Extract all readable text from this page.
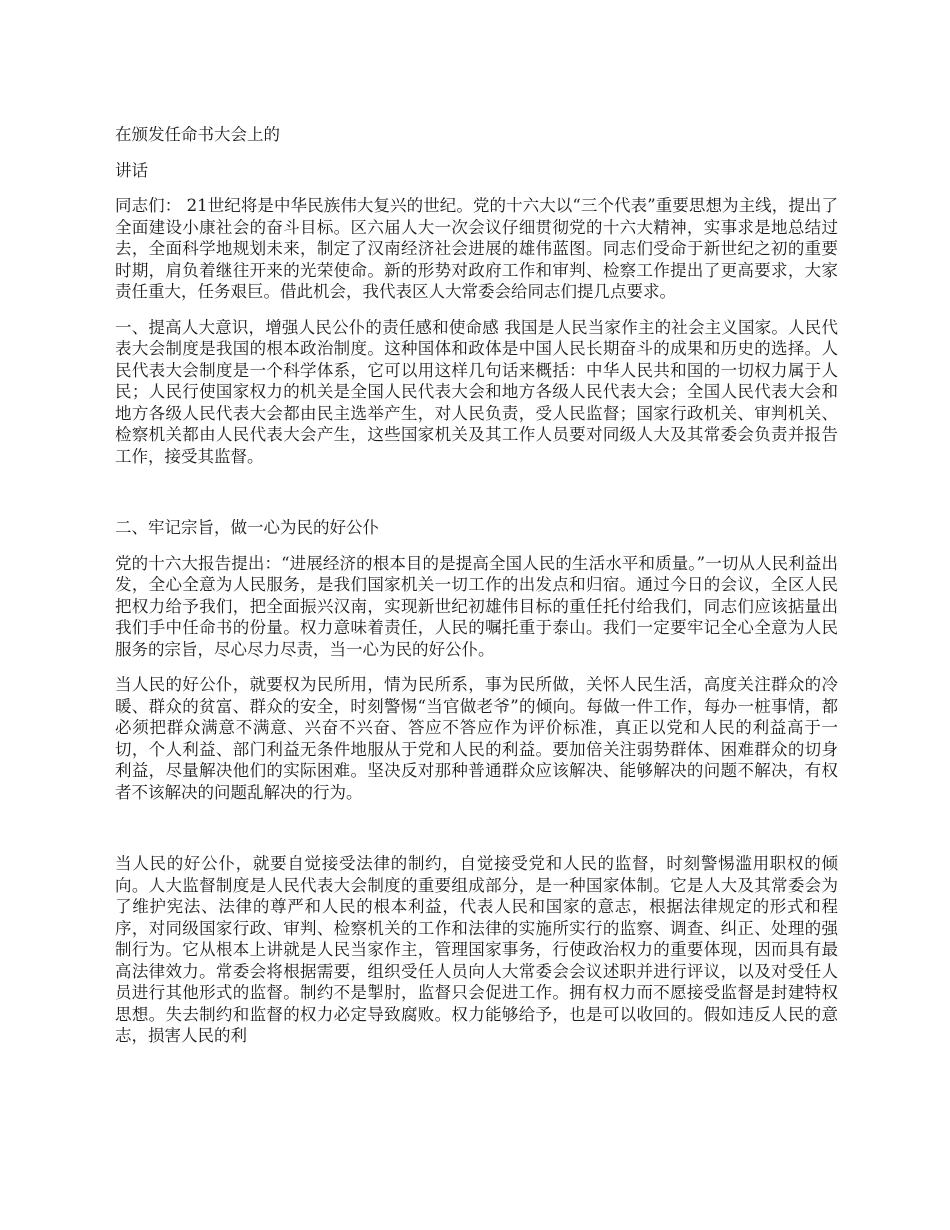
在颁发任命书大会上的
讲话

同志们： 21世纪将是中华民族伟大复兴的世纪。党的十六大以“三个代表”重要思想为主线，提出了全面建设小康社会的奋斗目标。区六届人大一次会议仔细贯彻党的十六大精神，实事求是地总结过去，全面科学地规划未来，制定了汉南经济社会进展的雄伟蓝图。同志们受命于新世纪之初的重要时期，肩负着继往开来的光荣使命。新的形势对政府工作和审判、检察工作提出了更高要求，大家责任重大，任务艰巨。借此机会，我代表区人大常委会给同志们提几点要求。

一、提高人大意识，增强人民公仆的责任感和使命感 我国是人民当家作主的社会主义国家。人民代表大会制度是我国的根本政治制度。这种国体和政体是中国人民长期奋斗的成果和历史的选择。人民代表大会制度是一个科学体系，它可以用这样几句话来概括：中华人民共和国的一切权力属于人民；人民行使国家权力的机关是全国人民代表大会和地方各级人民代表大会；全国人民代表大会和地方各级人民代表大会都由民主选举产生，对人民负责，受人民监督；国家行政机关、审判机关、检察机关都由人民代表大会产生，这些国家机关及其工作人员要对同级人大及其常委会负责并报告工作，接受其监督。

二、牢记宗旨，做一心为民的好公仆

党的十六大报告提出：“进展经济的根本目的是提高全国人民的生活水平和质量。”一切从人民利益出发，全心全意为人民服务，是我们国家机关一切工作的出发点和归宿。通过今日的会议，全区人民把权力给予我们，把全面振兴汉南，实现新世纪初雄伟目标的重任托付给我们，同志们应该掂量出我们手中任命书的份量。权力意味着责任，人民的嘱托重于泰山。我们一定要牢记全心全意为人民服务的宗旨，尽心尽力尽责，当一心为民的好公仆。

当人民的好公仆，就要权为民所用，情为民所系，事为民所做，关怀人民生活，高度关注群众的冷暖、群众的贫富、群众的安全，时刻警惕“当官做老爷”的倾向。每做一件工作，每办一桩事情，都必须把群众满意不满意、兴奋不兴奋、答应不答应作为评价标准，真正以党和人民的利益高于一切，个人利益、部门利益无条件地服从于党和人民的利益。要加倍关注弱势群体、困难群众的切身利益，尽量解决他们的实际困难。坚决反对那种普通群众应该解决、能够解决的问题不解决，有权者不该解决的问题乱解决的行为。

当人民的好公仆，就要自觉接受法律的制约，自觉接受党和人民的监督，时刻警惕滥用职权的倾向。人大监督制度是人民代表大会制度的重要组成部分，是一种国家体制。它是人大及其常委会为了维护宪法、法律的尊严和人民的根本利益，代表人民和国家的意志，根据法律规定的形式和程序，对同级国家行政、审判、检察机关的工作和法律的实施所实行的监察、调查、纠正、处理的强制行为。它从根本上讲就是人民当家作主，管理国家事务，行使政治权力的重要体现，因而具有最高法律效力。常委会将根据需要，组织受任人员向人大常委会会议述职并进行评议，以及对受任人员进行其他形式的监督。制约不是掣肘，监督只会促进工作。拥有权力而不愿接受监督是封建特权思想。失去制约和监督的权力必定导致腐败。权力能够给予，也是可以收回的。假如违反人民的意志，损害人民的利
